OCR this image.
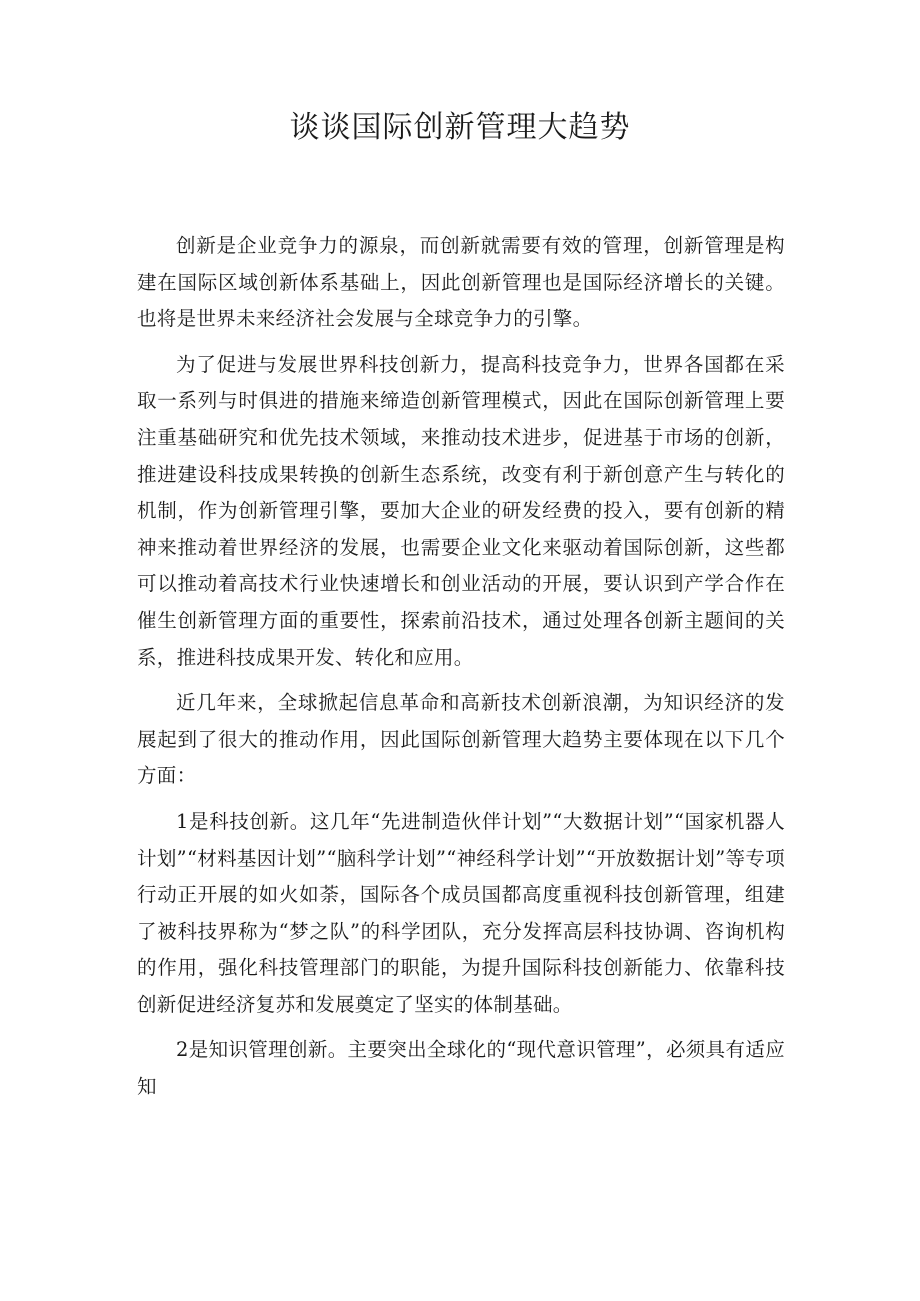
谈谈国际创新管理大趋势

创新是企业竞争力的源泉，而创新就需要有效的管理，创新管理是构建在国际区域创新体系基础上，因此创新管理也是国际经济增长的关键。也将是世界未来经济社会发展与全球竞争力的引擎。

为了促进与发展世界科技创新力，提高科技竞争力，世界各国都在采取一系列与时俱进的措施来缔造创新管理模式，因此在国际创新管理上要注重基础研究和优先技术领域，来推动技术进步，促进基于市场的创新，推进建设科技成果转换的创新生态系统，改变有利于新创意产生与转化的机制，作为创新管理引擎，要加大企业的研发经费的投入，要有创新的精神来推动着世界经济的发展，也需要企业文化来驱动着国际创新，这些都可以推动着高技术行业快速增长和创业活动的开展，要认识到产学合作在催生创新管理方面的重要性，探索前沿技术，通过处理各创新主题间的关系，推进科技成果开发、转化和应用。

近几年来，全球掀起信息革命和高新技术创新浪潮，为知识经济的发展起到了很大的推动作用，因此国际创新管理大趋势主要体现在以下几个方面：

1是科技创新。这几年“先进制造伙伴计划”“大数据计划”“国家机器人计划”“材料基因计划”“脑科学计划”“神经科学计划”“开放数据计划”等专项行动正开展的如火如荼，国际各个成员国都高度重视科技创新管理，组建了被科技界称为“梦之队”的科学团队，充分发挥高层科技协调、咨询机构的作用，强化科技管理部门的职能，为提升国际科技创新能力、依靠科技创新促进经济复苏和发展奠定了坚实的体制基础。

2是知识管理创新。主要突出全球化的“现代意识管理”，必须具有适应知
